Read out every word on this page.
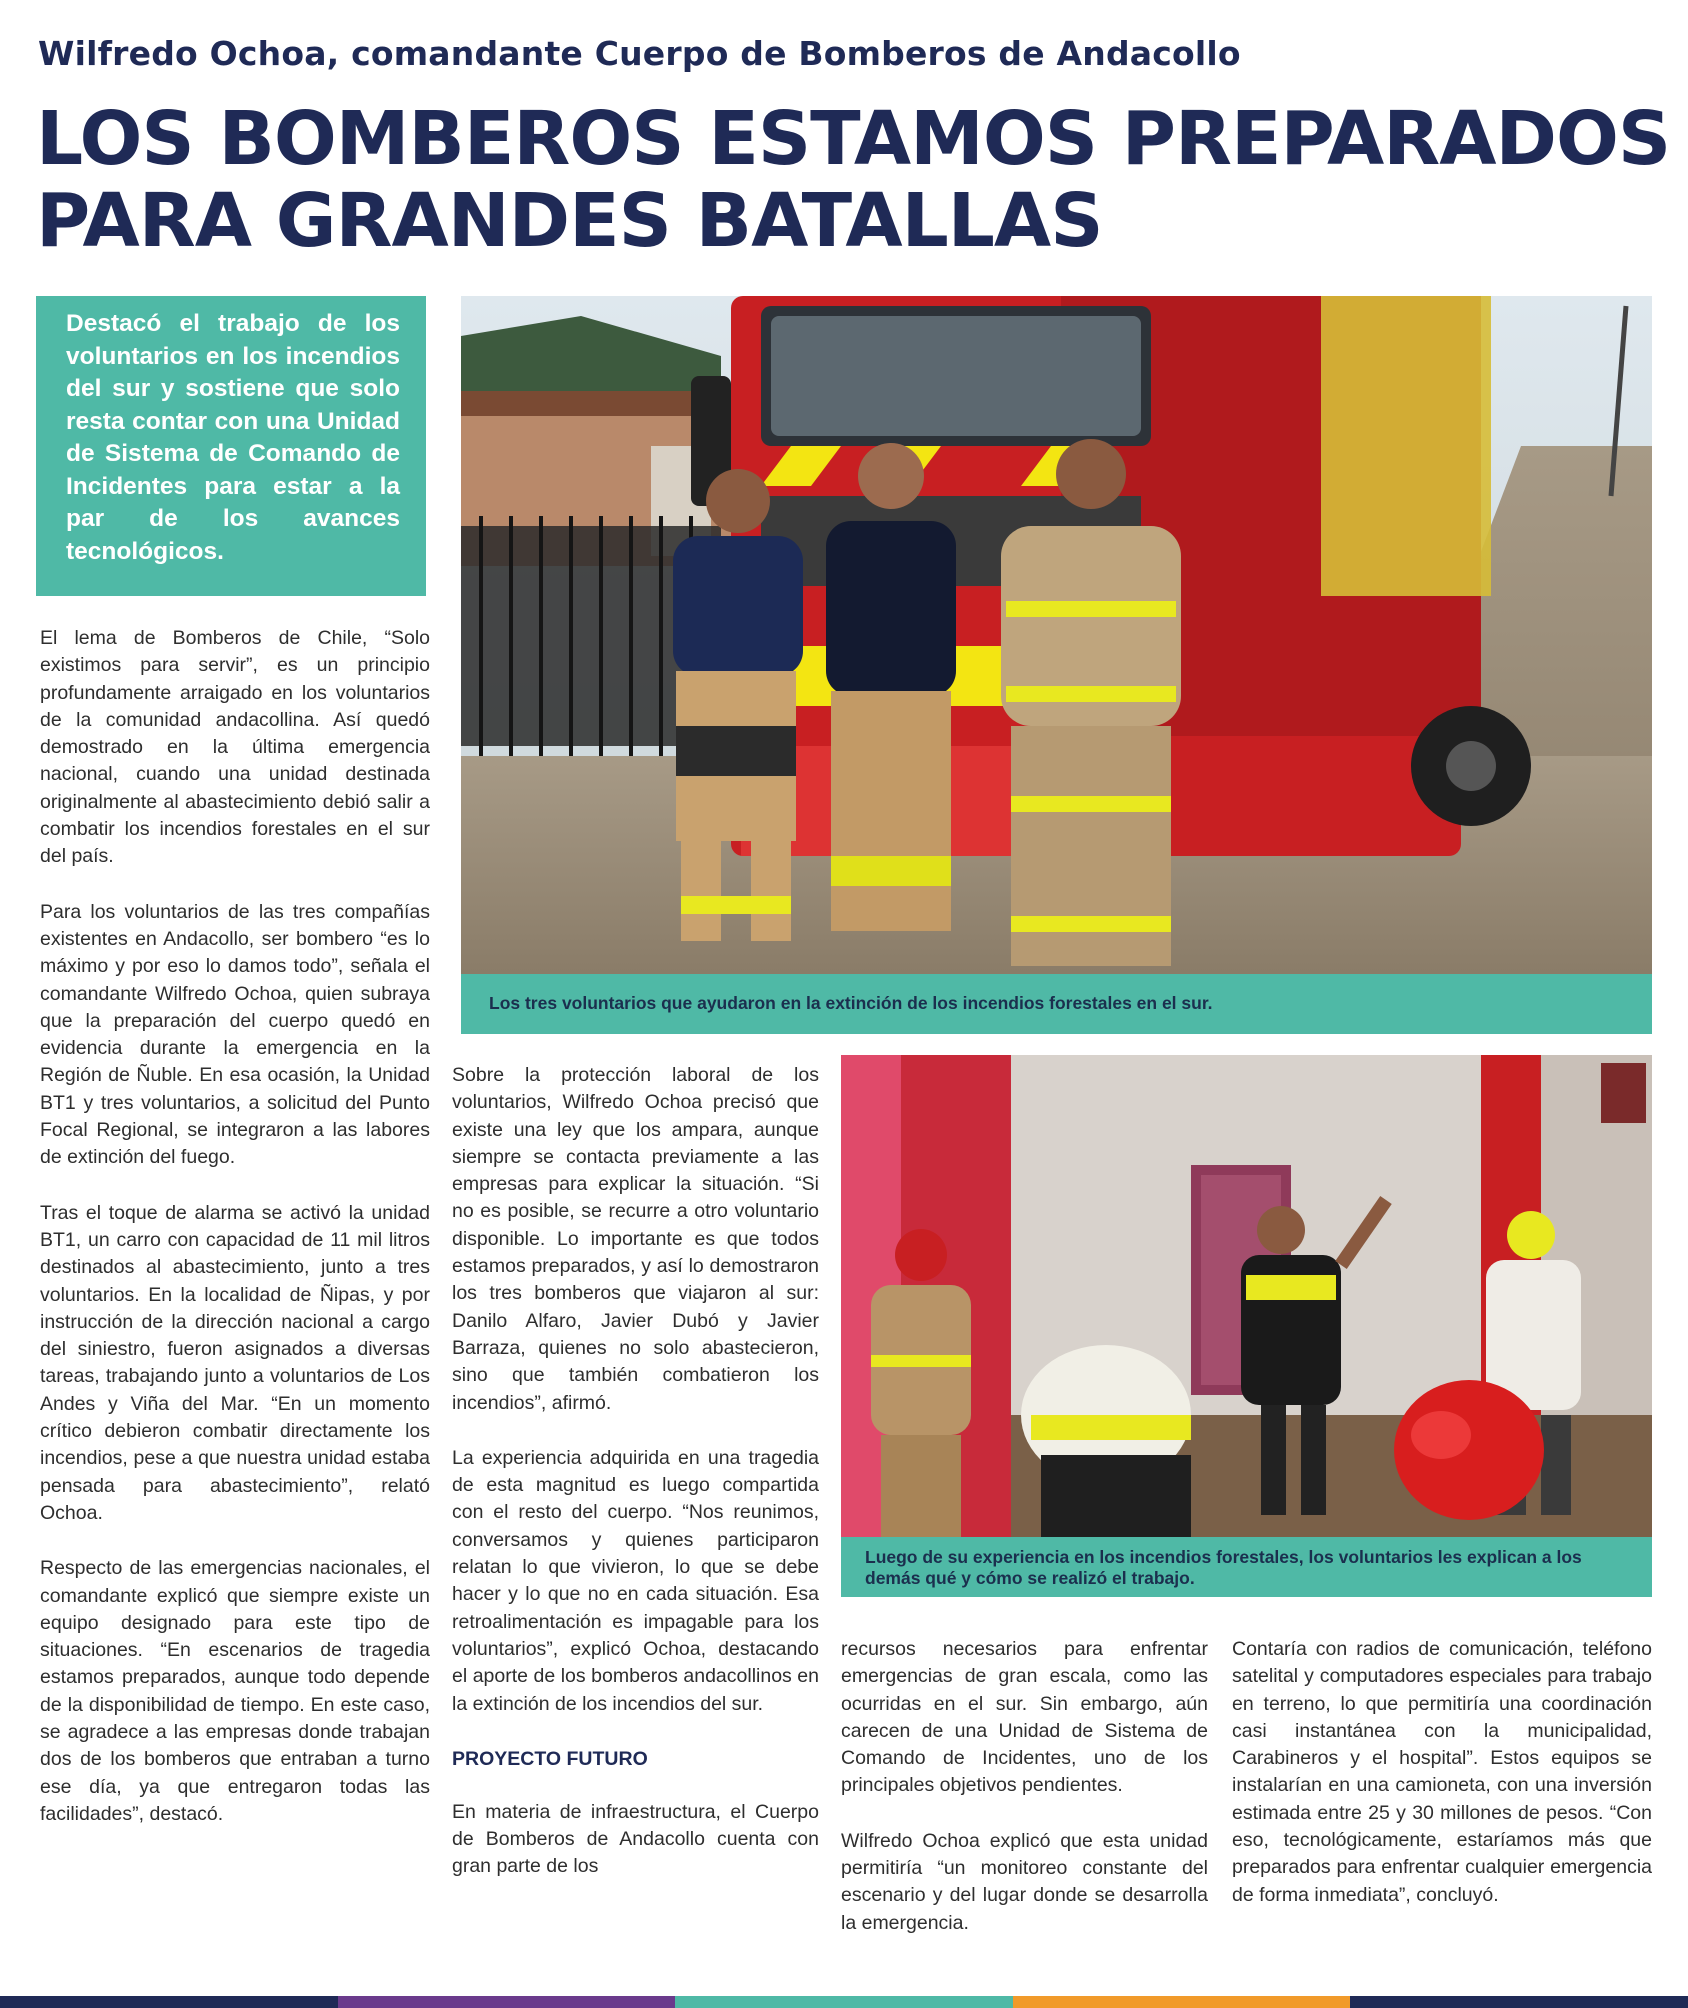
Wilfredo Ochoa, comandante Cuerpo de Bomberos de Andacollo
LOS BOMBEROS ESTAMOS PREPARADOS
PARA GRANDES BATALLAS
Destacó el trabajo de los voluntarios en los incendios del sur y sostiene que solo resta contar con una Unidad de Sistema de Comando de Incidentes para estar a la par de los avances tecnológicos.
Los tres voluntarios que ayudaron en la extinción de los incendios forestales en el sur.
Luego de su experiencia en los incendios forestales, los voluntarios les explican a los demás qué y cómo se realizó el trabajo.

El lema de Bomberos de Chile, “Solo existimos para servir”, es un principio profundamente arraigado en los voluntarios de la comunidad andacollina. Así quedó demostrado en la última emergencia nacional, cuando una unidad destinada originalmente al abastecimiento debió salir a combatir los incendios forestales en el sur del país.

Para los voluntarios de las tres compañías existentes en Andacollo, ser bombero “es lo máximo y por eso lo damos todo”, señala el comandante Wilfredo Ochoa, quien subraya que la preparación del cuerpo quedó en evidencia durante la emergencia en la Región de Ñuble. En esa ocasión, la Unidad BT1 y tres voluntarios, a solicitud del Punto Focal Regional, se integraron a las labores de extinción del fuego.

Tras el toque de alarma se activó la unidad BT1, un carro con capacidad de 11 mil litros destinados al abastecimiento, junto a tres voluntarios. En la localidad de Ñipas, y por instrucción de la dirección nacional a cargo del siniestro, fueron asignados a diversas tareas, trabajando junto a voluntarios de Los Andes y Viña del Mar. “En un momento crítico debieron combatir directamente los incendios, pese a que nuestra unidad estaba pensada para abastecimiento”, relató Ochoa.

Respecto de las emergencias nacionales, el comandante explicó que siempre existe un equipo designado para este tipo de situaciones. “En escenarios de tragedia estamos preparados, aunque todo depende de la disponibilidad de tiempo. En este caso, se agradece a las empresas donde trabajan dos de los bomberos que entraban a turno ese día, ya que entregaron todas las facilidades”, destacó.

Sobre la protección laboral de los voluntarios, Wilfredo Ochoa precisó que existe una ley que los ampara, aunque siempre se contacta previamente a las empresas para explicar la situación. “Si no es posible, se recurre a otro voluntario disponible. Lo importante es que todos estamos preparados, y así lo demostraron los tres bomberos que viajaron al sur: Danilo Alfaro, Javier Dubó y Javier Barraza, quienes no solo abastecieron, sino que también combatieron los incendios”, afirmó.

La experiencia adquirida en una tragedia de esta magnitud es luego compartida con el resto del cuerpo. “Nos reunimos, conversamos y quienes participaron relatan lo que vivieron, lo que se debe hacer y lo que no en cada situación. Esa retroalimentación es impagable para los voluntarios”, explicó Ochoa, destacando el aporte de los bomberos andacollinos en la extinción de los incendios del sur.

PROYECTO FUTURO

En materia de infraestructura, el Cuerpo de Bomberos de Andacollo cuenta con gran parte de los

recursos necesarios para enfrentar emergencias de gran escala, como las ocurridas en el sur. Sin embargo, aún carecen de una Unidad de Sistema de Comando de Incidentes, uno de los principales objetivos pendientes.

Wilfredo Ochoa explicó que esta unidad permitiría “un monitoreo constante del escenario y del lugar donde se desarrolla la emergencia.

Contaría con radios de comunicación, teléfono satelital y computadores especiales para trabajo en terreno, lo que permitiría una coordinación casi instantánea con la municipalidad, Carabineros y el hospital”. Estos equipos se instalarían en una camioneta, con una inversión estimada entre 25 y 30 millones de pesos. “Con eso, tecnológicamente, estaríamos más que preparados para enfrentar cualquier emergencia de forma inmediata”, concluyó.
